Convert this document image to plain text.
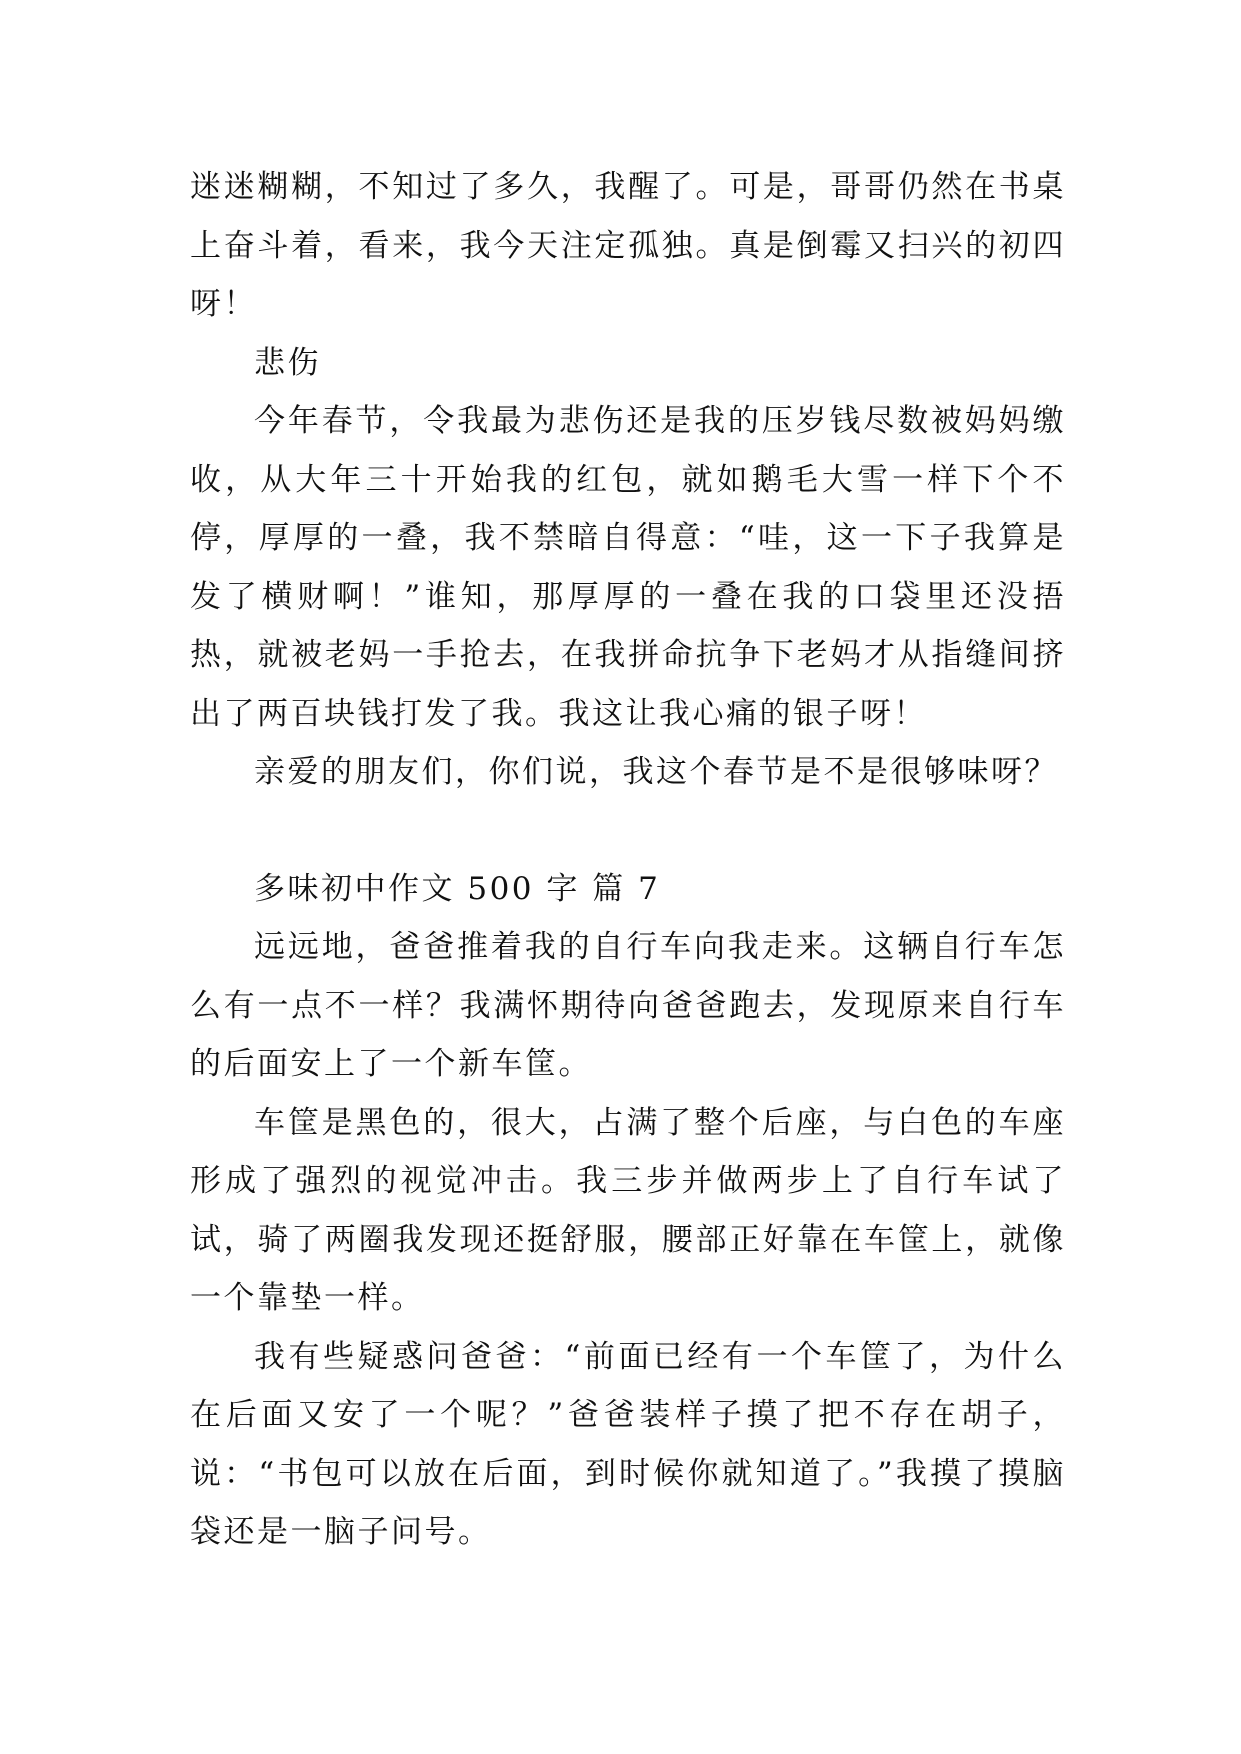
迷迷糊糊，不知过了多久，我醒了。可是，哥哥仍然在书桌上奋斗着，看来，我今天注定孤独。真是倒霉又扫兴的初四呀！

悲伤

今年春节，令我最为悲伤还是我的压岁钱尽数被妈妈缴收，从大年三十开始我的红包，就如鹅毛大雪一样下个不停，厚厚的一叠，我不禁暗自得意：“哇，这一下子我算是发了横财啊！”谁知，那厚厚的一叠在我的口袋里还没捂热，就被老妈一手抢去，在我拼命抗争下老妈才从指缝间挤出了两百块钱打发了我。我这让我心痛的银子呀！

亲爱的朋友们，你们说，我这个春节是不是很够味呀？

多味初中作文 500 字 篇 7

远远地，爸爸推着我的自行车向我走来。这辆自行车怎么有一点不一样？我满怀期待向爸爸跑去，发现原来自行车的后面安上了一个新车筐。

车筐是黑色的，很大，占满了整个后座，与白色的车座形成了强烈的视觉冲击。我三步并做两步上了自行车试了试，骑了两圈我发现还挺舒服，腰部正好靠在车筐上，就像一个靠垫一样。

我有些疑惑问爸爸：“前面已经有一个车筐了，为什么在后面又安了一个呢？”爸爸装样子摸了把不存在胡子，说：“书包可以放在后面，到时候你就知道了。”我摸了摸脑袋还是一脑子问号。
